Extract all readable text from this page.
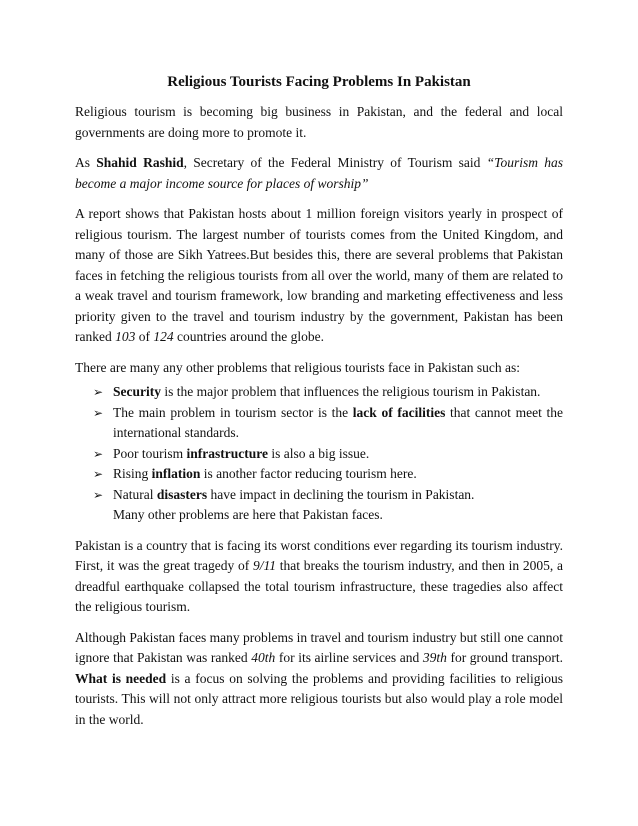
Religious Tourists Facing Problems In Pakistan

Religious tourism is becoming big business in Pakistan, and the federal and local governments are doing more to promote it.

As Shahid Rashid, Secretary of the Federal Ministry of Tourism said “Tourism has become a major income source for places of worship”

A report shows that Pakistan hosts about 1 million foreign visitors yearly in prospect of religious tourism. The largest number of tourists comes from the United Kingdom, and many of those are Sikh Yatrees.But besides this, there are several problems that Pakistan faces in fetching the religious tourists from all over the world, many of them are related to a weak travel and tourism framework, low branding and marketing effectiveness and less priority given to the travel and tourism industry by the government, Pakistan has been ranked 103 of 124 countries around the globe.

There are many any other problems that religious tourists face in Pakistan such as:

➢ Security is the major problem that influences the religious tourism in Pakistan.
➢ The main problem in tourism sector is the lack of facilities that cannot meet the international standards.
➢ Poor tourism infrastructure is also a big issue.
➢ Rising inflation is another factor reducing tourism here.
➢ Natural disasters have impact in declining the tourism in Pakistan.
Many other problems are here that Pakistan faces.

Pakistan is a country that is facing its worst conditions ever regarding its tourism industry. First, it was the great tragedy of 9/11 that breaks the tourism industry, and then in 2005, a dreadful earthquake collapsed the total tourism infrastructure, these tragedies also affect the religious tourism.

Although Pakistan faces many problems in travel and tourism industry but still one cannot ignore that Pakistan was ranked 40th for its airline services and 39th for ground transport. What is needed is a focus on solving the problems and providing facilities to religious tourists. This will not only attract more religious tourists but also would play a role model in the world.
